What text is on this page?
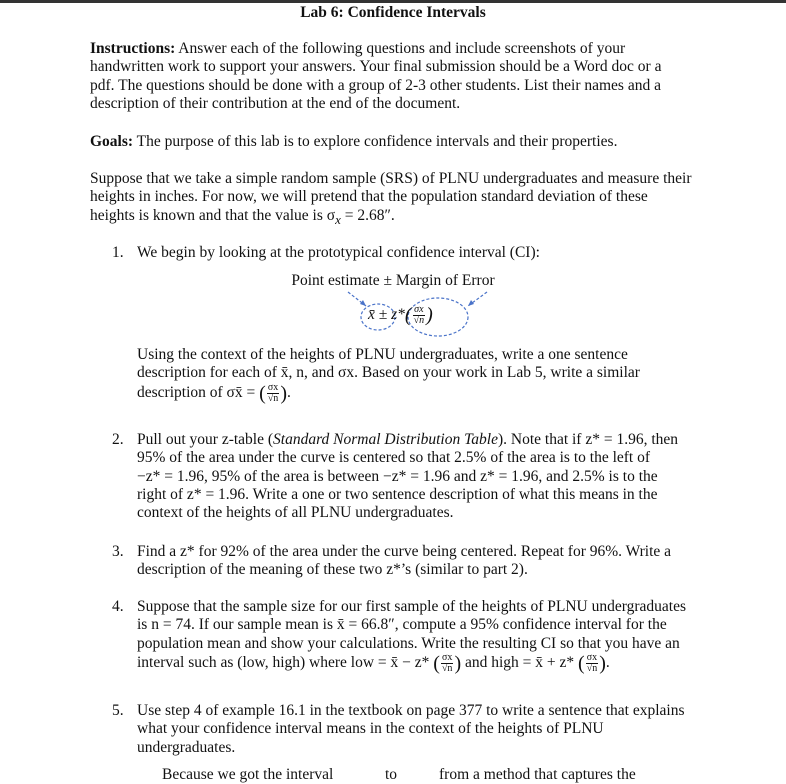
Lab 6: Confidence Intervals
Instructions: Answer each of the following questions and include screenshots of your
handwritten work to support your answers. Your final submission should be a Word doc or a
pdf. The questions should be done with a group of 2-3 other students. List their names and a
description of their contribution at the end of the document.
Goals: The purpose of this lab is to explore confidence intervals and their properties.
Suppose that we take a simple random sample (SRS) of PLNU undergraduates and measure their
heights in inches. For now, we will pretend that the population standard deviation of these
heights is known and that the value is $\sigma_x = 2.68''$.
1. We begin by looking at the prototypical confidence interval (CI):
Point estimate ± Margin of Error
x̄ ± $z*( \frac{\sigma x}{√n}$ )
Using the context of the heights of PLNU undergraduates, write a one sentence
description for each of x̄, n, and σx. Based on your work in Lab 5, write a similar
description of σx̄ = ( $\frac{\sigma x}{√n}$ ).
2. Pull out your z-table (Standard Normal Distribution Table). Note that if z* = 1.96, then
95% of the area under the curve is centered so that 2.5% of the area is to the left of
−z* = 1.96, 95% of the area is between −z* = 1.96 and z* = 1.96, and 2.5% is to the
right of z* = 1.96. Write a one or two sentence description of what this means in the
context of the heights of all PLNU undergraduates.
3. Find a z* for 92% of the area under the curve being centered. Repeat for 96%. Write a
description of the meaning of these two z*’s (similar to part 2).
4. Suppose that the sample size for our first sample of the heights of PLNU undergraduates
is n = 74. If our sample mean is x̄ = 66.8″, compute a 95% confidence interval for the
population mean and show your calculations. Write the resulting CI so that you have an
interval such as (low, high) where low = x̄ − z* ( $\frac{\sigma x}{√n}$ ) and high = x̄ + z* ( $\frac{\sigma x}{√n}$ ).
5. Use step 4 of example 16.1 in the textbook on page 377 to write a sentence that explains
what your confidence interval means in the context of the heights of PLNU
undergraduates.
Because we got the interval	to	from a method that captures the
